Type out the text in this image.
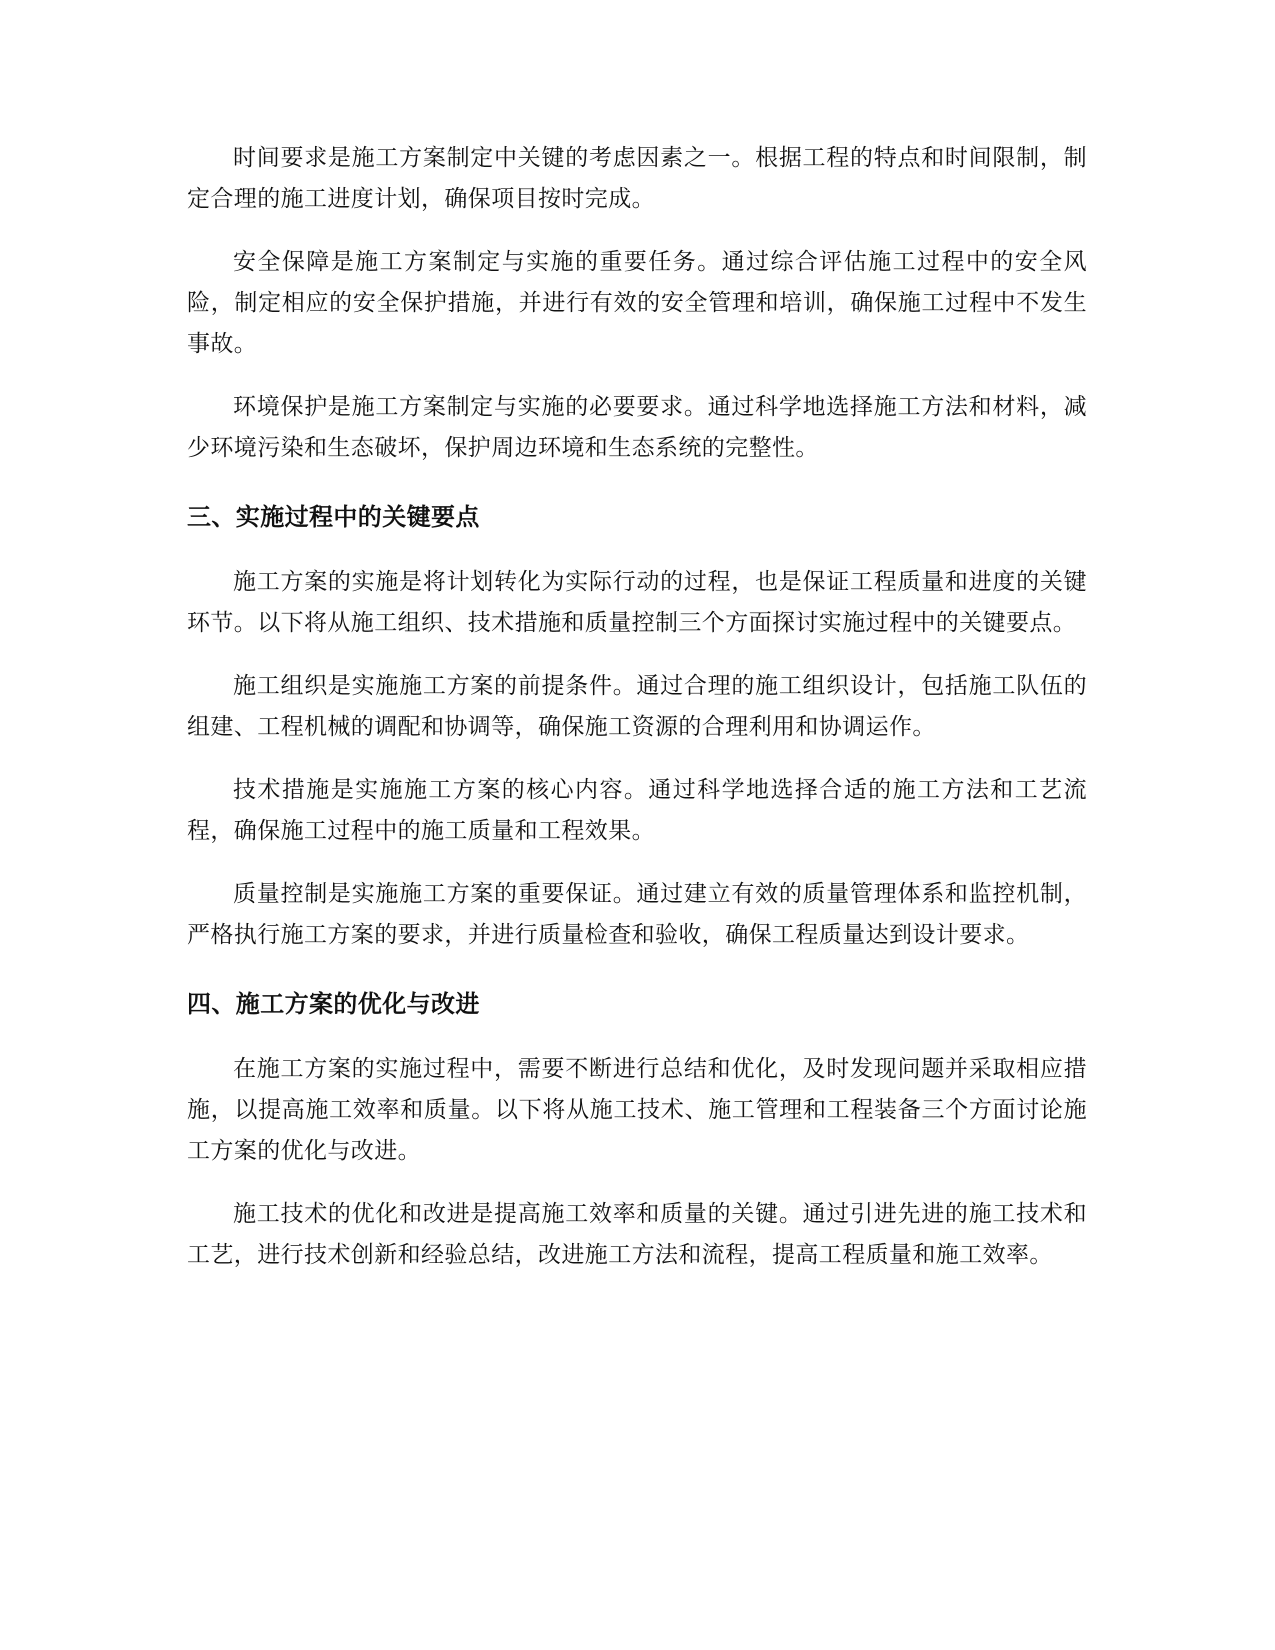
时间要求是施工方案制定中关键的考虑因素之一。根据工程的特点和时间限制，制定合理的施工进度计划，确保项目按时完成。

安全保障是施工方案制定与实施的重要任务。通过综合评估施工过程中的安全风险，制定相应的安全保护措施，并进行有效的安全管理和培训，确保施工过程中不发生事故。

环境保护是施工方案制定与实施的必要要求。通过科学地选择施工方法和材料，减少环境污染和生态破坏，保护周边环境和生态系统的完整性。

三、实施过程中的关键要点

施工方案的实施是将计划转化为实际行动的过程，也是保证工程质量和进度的关键环节。以下将从施工组织、技术措施和质量控制三个方面探讨实施过程中的关键要点。

施工组织是实施施工方案的前提条件。通过合理的施工组织设计，包括施工队伍的组建、工程机械的调配和协调等，确保施工资源的合理利用和协调运作。

技术措施是实施施工方案的核心内容。通过科学地选择合适的施工方法和工艺流程，确保施工过程中的施工质量和工程效果。

质量控制是实施施工方案的重要保证。通过建立有效的质量管理体系和监控机制，严格执行施工方案的要求，并进行质量检查和验收，确保工程质量达到设计要求。

四、施工方案的优化与改进

在施工方案的实施过程中，需要不断进行总结和优化，及时发现问题并采取相应措施，以提高施工效率和质量。以下将从施工技术、施工管理和工程装备三个方面讨论施工方案的优化与改进。

施工技术的优化和改进是提高施工效率和质量的关键。通过引进先进的施工技术和工艺，进行技术创新和经验总结，改进施工方法和流程，提高工程质量和施工效率。
